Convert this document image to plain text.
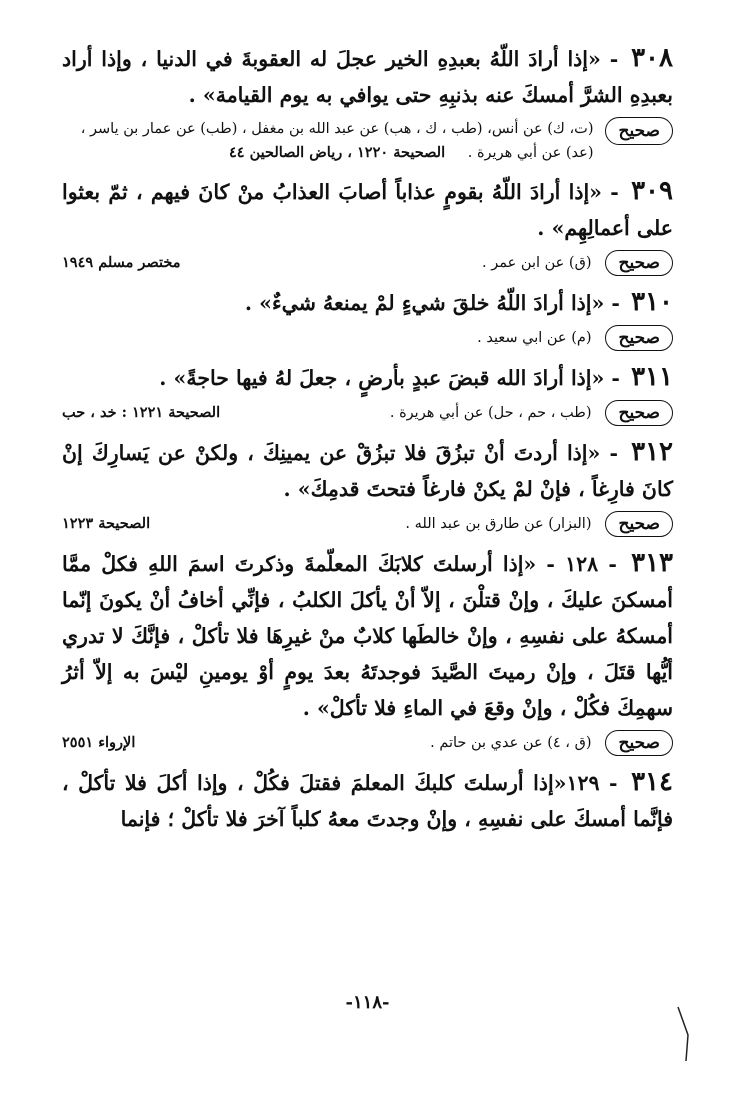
٣٠٨ - «إذا أرادَ اللّهُ بعبدِهِ الخير عجلَ له العقوبةَ في الدنيا ، وإذا أراد بعبدِهِ الشرَّ أمسكَ عنه بذنبِهِ حتى يوافي به يوم القيامة» .
صحيح
(ت، ك) عن أنس، (طب ، ك ، هب) عن عبد الله بن مغفل ، (طب) عن عمار بن ياسر ، (عد) عن أبي هريرة . الصحيحة ١٢٢٠ ، رياض الصالحين ٤٤
٣٠٩ - «إذا أرادَ اللّهُ بقومٍ عذاباً أصابَ العذابُ منْ كانَ فيهم ، ثمّ بعثوا على أعمالِهِم» .
صحيح
(ق) عن ابن عمر .
مختصر مسلم ١٩٤٩
٣١٠ - «إذا أرادَ اللّهُ خلقَ شيءٍ لمْ يمنعهُ شيءٌ» .
صحيح
(م) عن ابي سعيد .
٣١١ - «إذا أرادَ الله قبضَ عبدٍ بأرضٍ ، جعلَ لهُ فيها حاجةً» .
صحيح
(طب ، حم ، حل) عن أبي هريرة .
الصحيحة ١٢٢١ : خد ، حب
٣١٢ - «إذا أردتَ أنْ تبزُقَ فلا تبزُقْ عن يمينِكَ ، ولكنْ عن يَسارِكَ إنْ كانَ فارِغاً ، فإنْ لمْ يكنْ فارغاً فتحتَ قدمِكَ» .
صحيح
(البزار) عن طارق بن عبد الله .
الصحيحة ١٢٢٣
٣١٣ - ١٢٨ - «إذا أرسلتَ كلابَكَ المعلّمةَ وذكرتَ اسمَ اللهِ فكلْ ممَّا أمسكنَ عليكَ ، وإنْ قتلْنَ ، إلاّ أنْ يأكلَ الكلبُ ، فإنِّي أخافُ أنْ يكونَ إنّما أمسكهُ على نفسِهِ ، وإنْ خالطَها كلابٌ منْ غيرِهَا فلا تأكلْ ، فإنَّكَ لا تدري أيُّها قتَلَ ، وإنْ رميتَ الصَّيدَ فوجدتَهُ بعدَ يومٍ أوْ يومينِ ليْسَ به إلاّ أثرُ سهمِكَ فكُلْ ، وإنْ وقعَ في الماءِ فلا تأكلْ» .
صحيح
(ق ، ٤) عن عدي بن حاتم .
الإرواء ٢٥٥١
٣١٤ - ١٢٩«إذا أرسلتَ كلبكَ المعلمَ فقتلَ فكُلْ ، وإذا أكلَ فلا تأكلْ ، فإنَّما أمسكَ على نفسِهِ ، وإنْ وجدتَ معهُ كلباً آخرَ فلا تأكلْ ؛ فإنما
-١١٨-
